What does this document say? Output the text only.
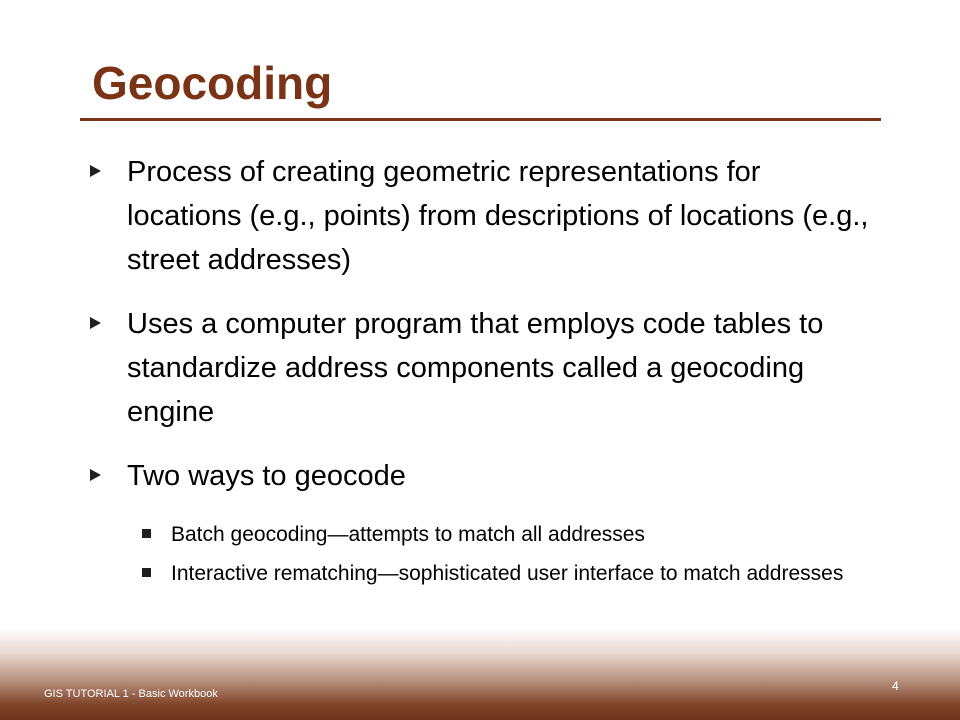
Geocoding
Process of creating geometric representations for locations (e.g., points) from descriptions of locations (e.g., street addresses)
Uses a computer program that employs code tables to standardize address components called a geocoding engine
Two ways to geocode
Batch geocoding—attempts to match all addresses
Interactive rematching—sophisticated user interface to match addresses
GIS TUTORIAL 1 - Basic Workbook
4
